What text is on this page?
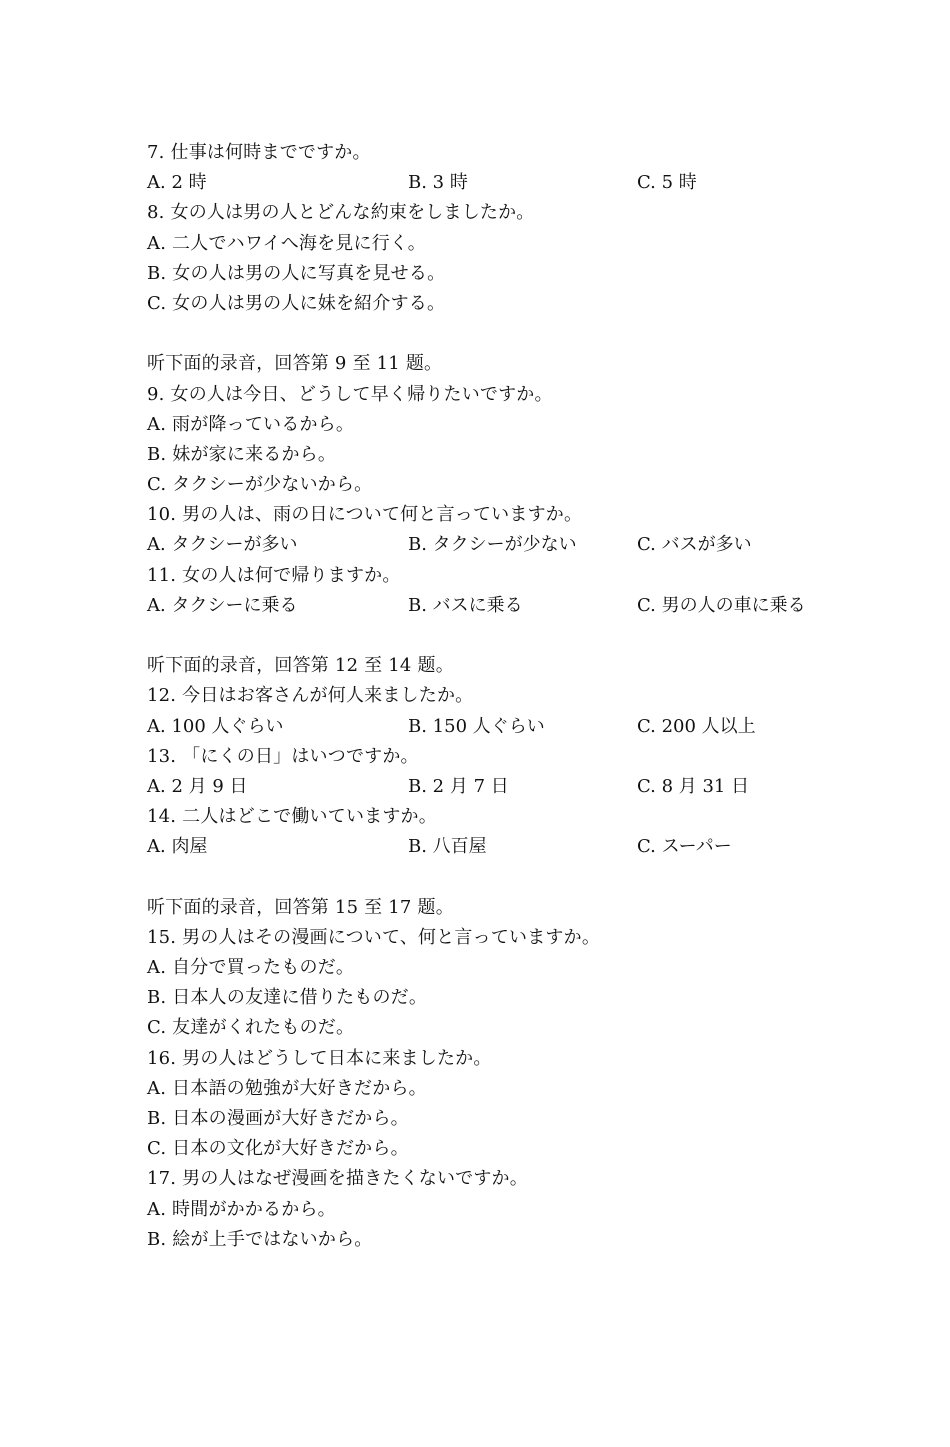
7. 仕事は何時までですか。
A. 2 時	B. 3 時	C. 5 時
8. 女の人は男の人とどんな約束をしましたか。
A. 二人でハワイへ海を見に行く。
B. 女の人は男の人に写真を見せる。
C. 女の人は男の人に妹を紹介する。
听下面的录音，回答第 9 至 11 题。
9. 女の人は今日、どうして早く帰りたいですか。
A. 雨が降っているから。
B. 妹が家に来るから。
C. タクシーが少ないから。
10. 男の人は、雨の日について何と言っていますか。
A. タクシーが多い	B. タクシーが少ない	C. バスが多い
11. 女の人は何で帰りますか。
A. タクシーに乗る	B. バスに乗る	C. 男の人の車に乗る
听下面的录音，回答第 12 至 14 题。
12. 今日はお客さんが何人来ましたか。
A. 100 人ぐらい	B. 150 人ぐらい	C. 200 人以上
13. 「にくの日」はいつですか。
A. 2 月 9 日	B. 2 月 7 日	C. 8 月 31 日
14. 二人はどこで働いていますか。
A. 肉屋	B. 八百屋	C. スーパー
听下面的录音，回答第 15 至 17 题。
15. 男の人はその漫画について、何と言っていますか。
A. 自分で買ったものだ。
B. 日本人の友達に借りたものだ。
C. 友達がくれたものだ。
16. 男の人はどうして日本に来ましたか。
A. 日本語の勉強が大好きだから。
B. 日本の漫画が大好きだから。
C. 日本の文化が大好きだから。
17. 男の人はなぜ漫画を描きたくないですか。
A. 時間がかかるから。
B. 絵が上手ではないから。
